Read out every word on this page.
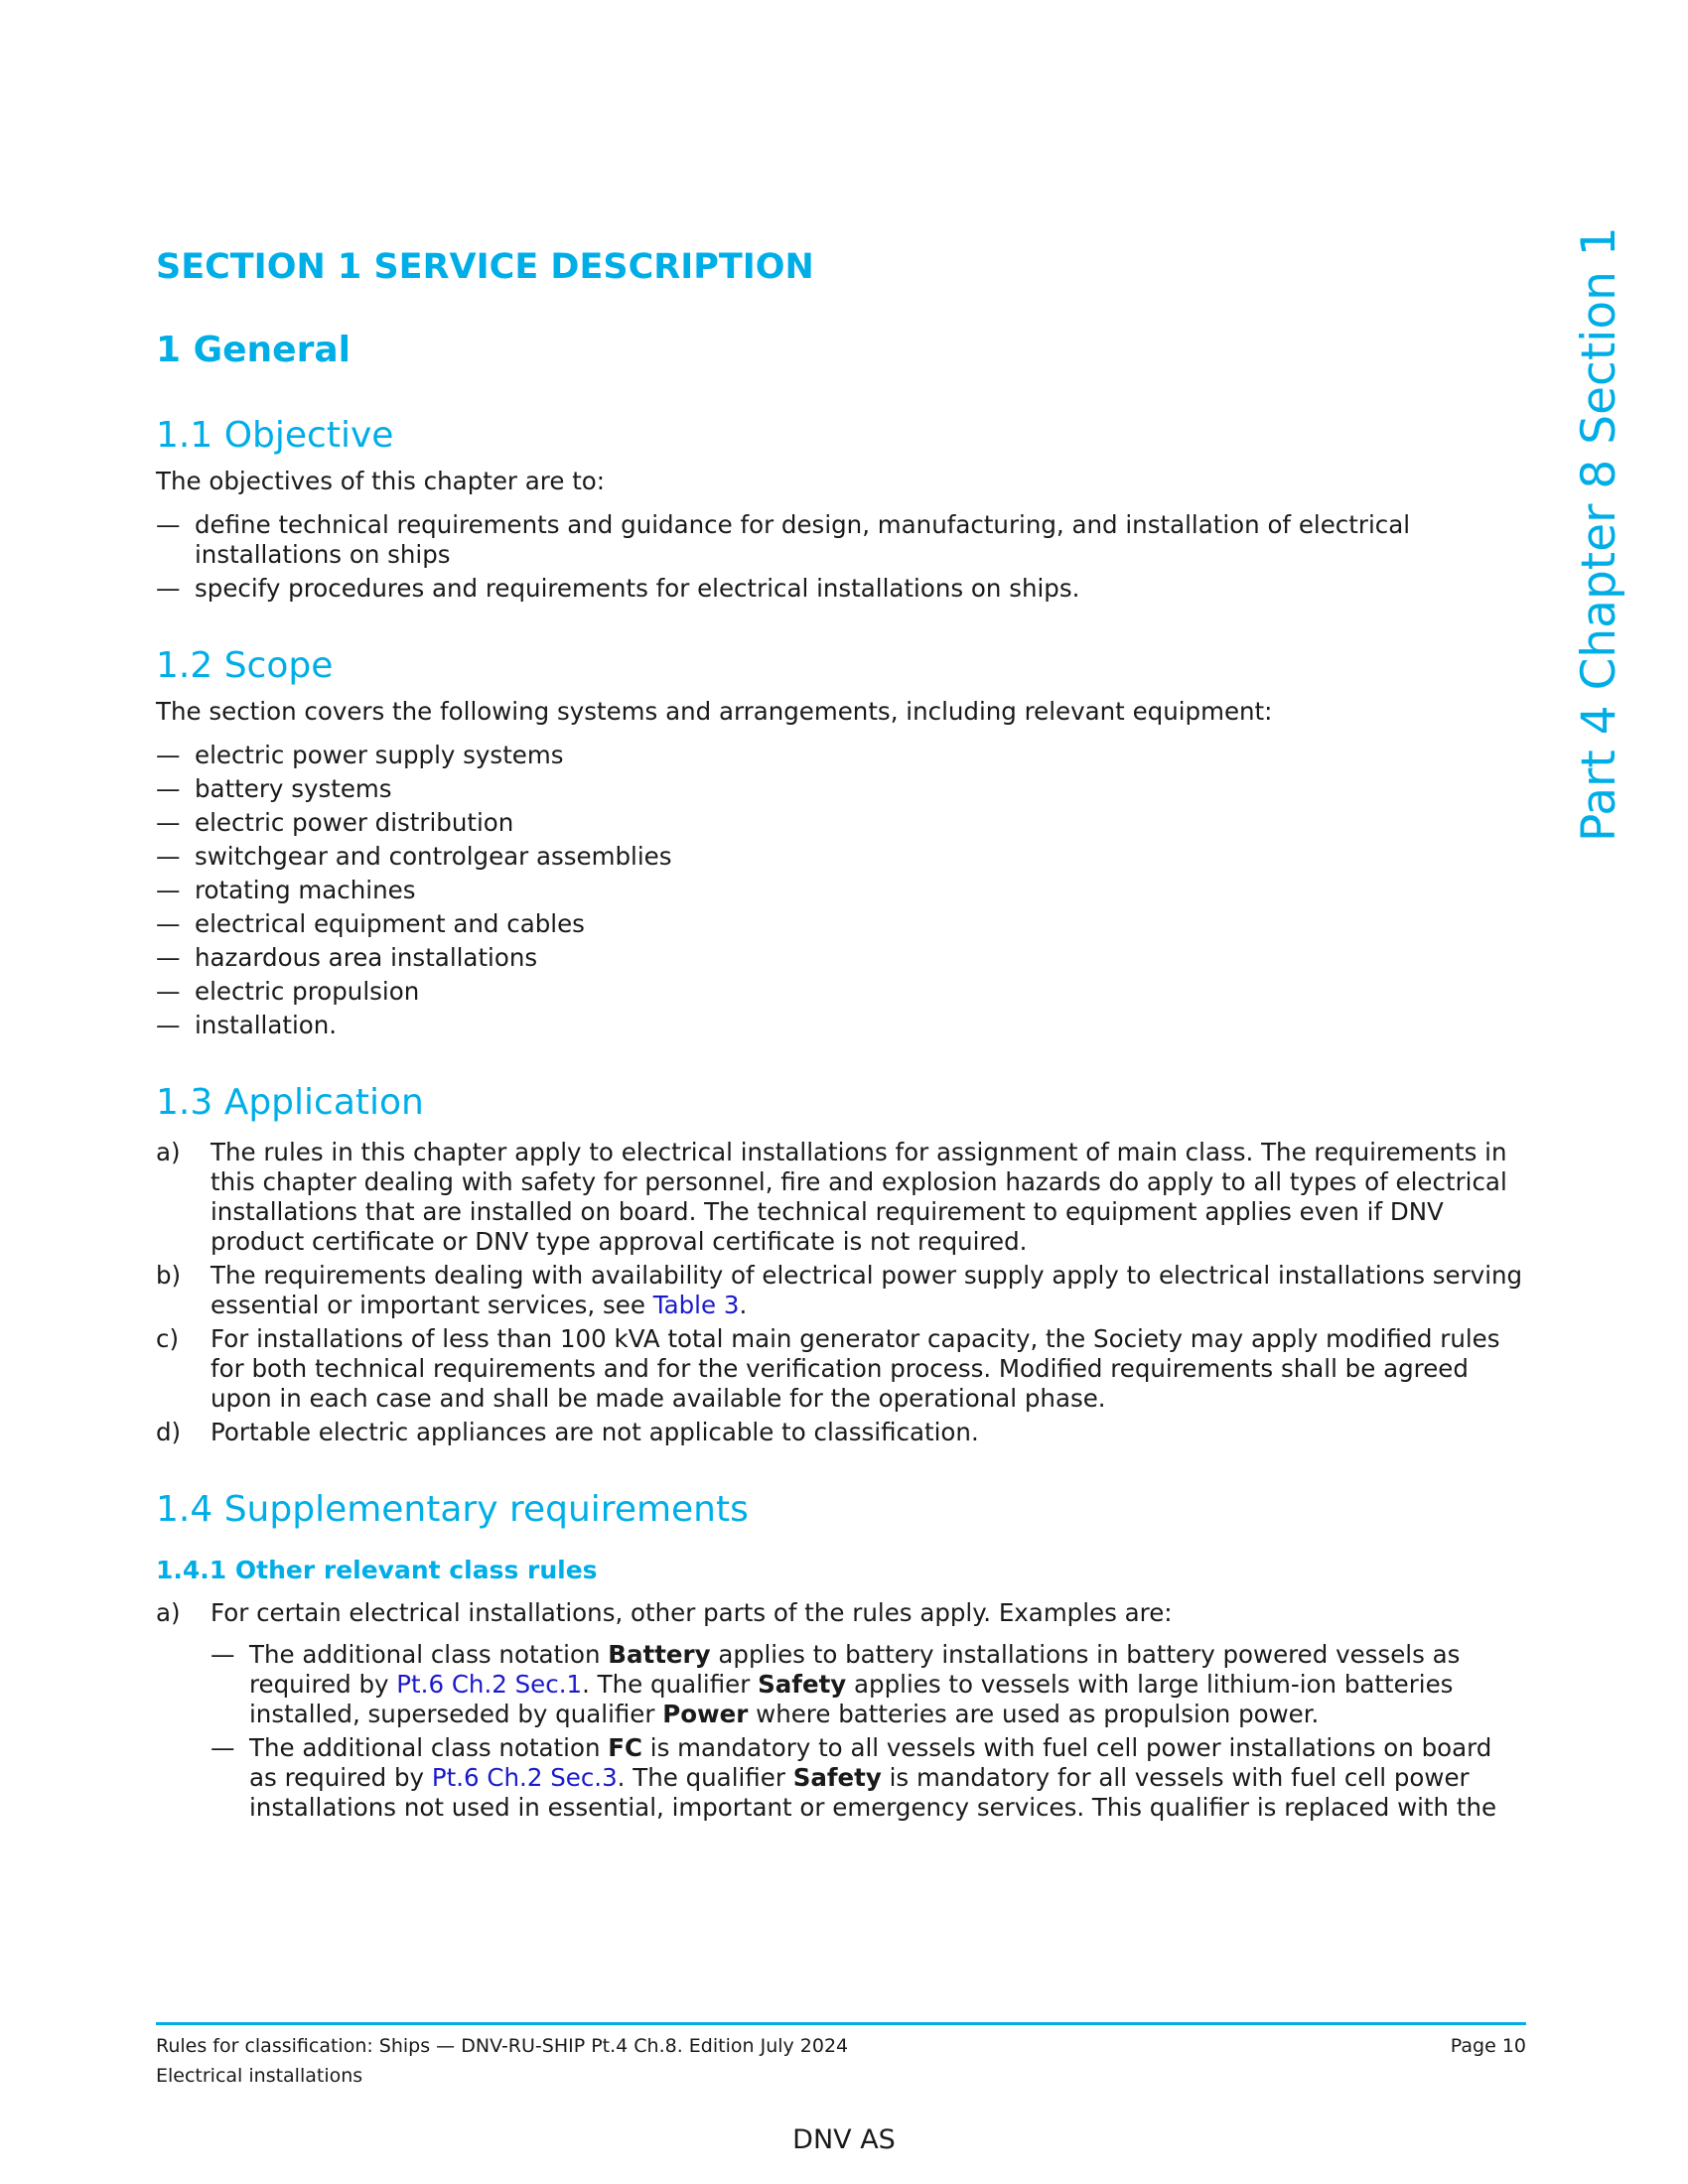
Part 4 Chapter 8 Section 1
SECTION 1 SERVICE DESCRIPTION
1 General
1.1 Objective

The objectives of this chapter are to:

— define technical requirements and guidance for design, manufacturing, and installation of electrical installations on ships
— specify procedures and requirements for electrical installations on ships.
1.2 Scope

The section covers the following systems and arrangements, including relevant equipment:

— electric power supply systems
— battery systems
— electric power distribution
— switchgear and controlgear assemblies
— rotating machines
— electrical equipment and cables
— hazardous area installations
— electric propulsion
— installation.
1.3 Application
a) The rules in this chapter apply to electrical installations for assignment of main class. The requirements in this chapter dealing with safety for personnel, fire and explosion hazards do apply to all types of electrical installations that are installed on board. The technical requirement to equipment applies even if DNV product certificate or DNV type approval certificate is not required.
b) The requirements dealing with availability of electrical power supply apply to electrical installations serving essential or important services, see Table 3.
c) For installations of less than 100 kVA total main generator capacity, the Society may apply modified rules for both technical requirements and for the verification process. Modified requirements shall be agreed upon in each case and shall be made available for the operational phase.
d) Portable electric appliances are not applicable to classification.
1.4 Supplementary requirements
1.4.1 Other relevant class rules
a) For certain electrical installations, other parts of the rules apply. Examples are:
— The additional class notation Battery applies to battery installations in battery powered vessels as required by Pt.6 Ch.2 Sec.1. The qualifier Safety applies to vessels with large lithium-ion batteries installed, superseded by qualifier Power where batteries are used as propulsion power.
— The additional class notation FC is mandatory to all vessels with fuel cell power installations on board as required by Pt.6 Ch.2 Sec.3. The qualifier Safety is mandatory for all vessels with fuel cell power installations not used in essential, important or emergency services. This qualifier is replaced with the
Rules for classification: Ships — DNV-RU-SHIP Pt.4 Ch.8. Edition July 2024
Electrical installations
Page 10
DNV AS
